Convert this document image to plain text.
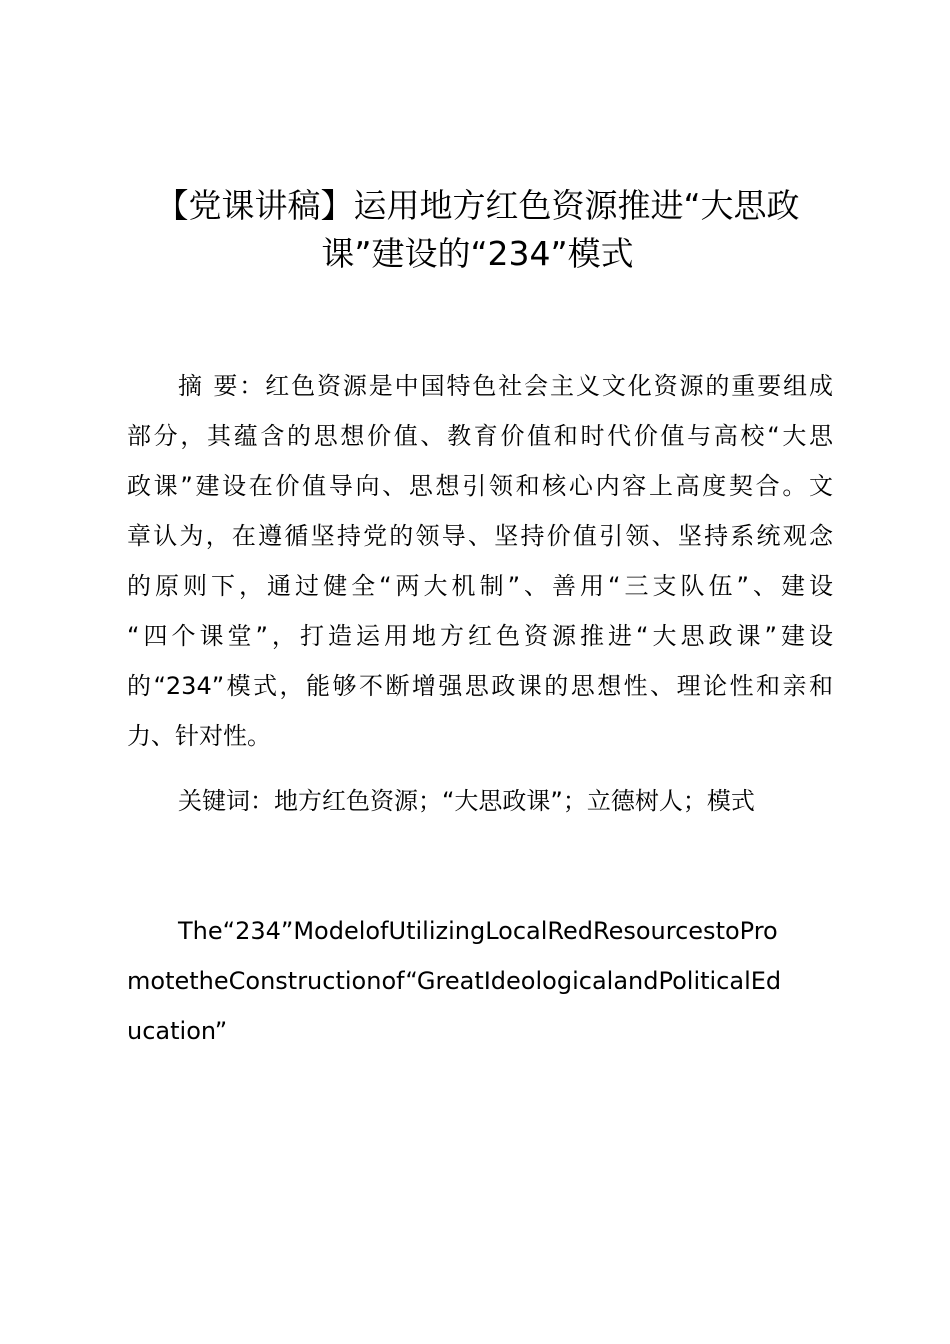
【党课讲稿】运用地方红色资源推进“大思政
课”建设的“234”模式
摘 要：红色资源是中国特色社会主义文化资源的重要组成
部分，其蕴含的思想价值、教育价值和时代价值与高校“大思
政课”建设在价值导向、思想引领和核心内容上高度契合。文
章认为，在遵循坚持党的领导、坚持价值引领、坚持系统观念
的原则下，通过健全“两大机制”、善用“三支队伍”、建设
“四个课堂”，打造运用地方红色资源推进“大思政课”建设
的“234”模式，能够不断增强思政课的思想性、理论性和亲和
力、针对性。
关键词：地方红色资源；“大思政课”；立德树人；模式
The“234”ModelofUtilizingLocalRedResourcestoPro
motetheConstructionof“GreatIdeologicalandPoliticalEd
ucation”
